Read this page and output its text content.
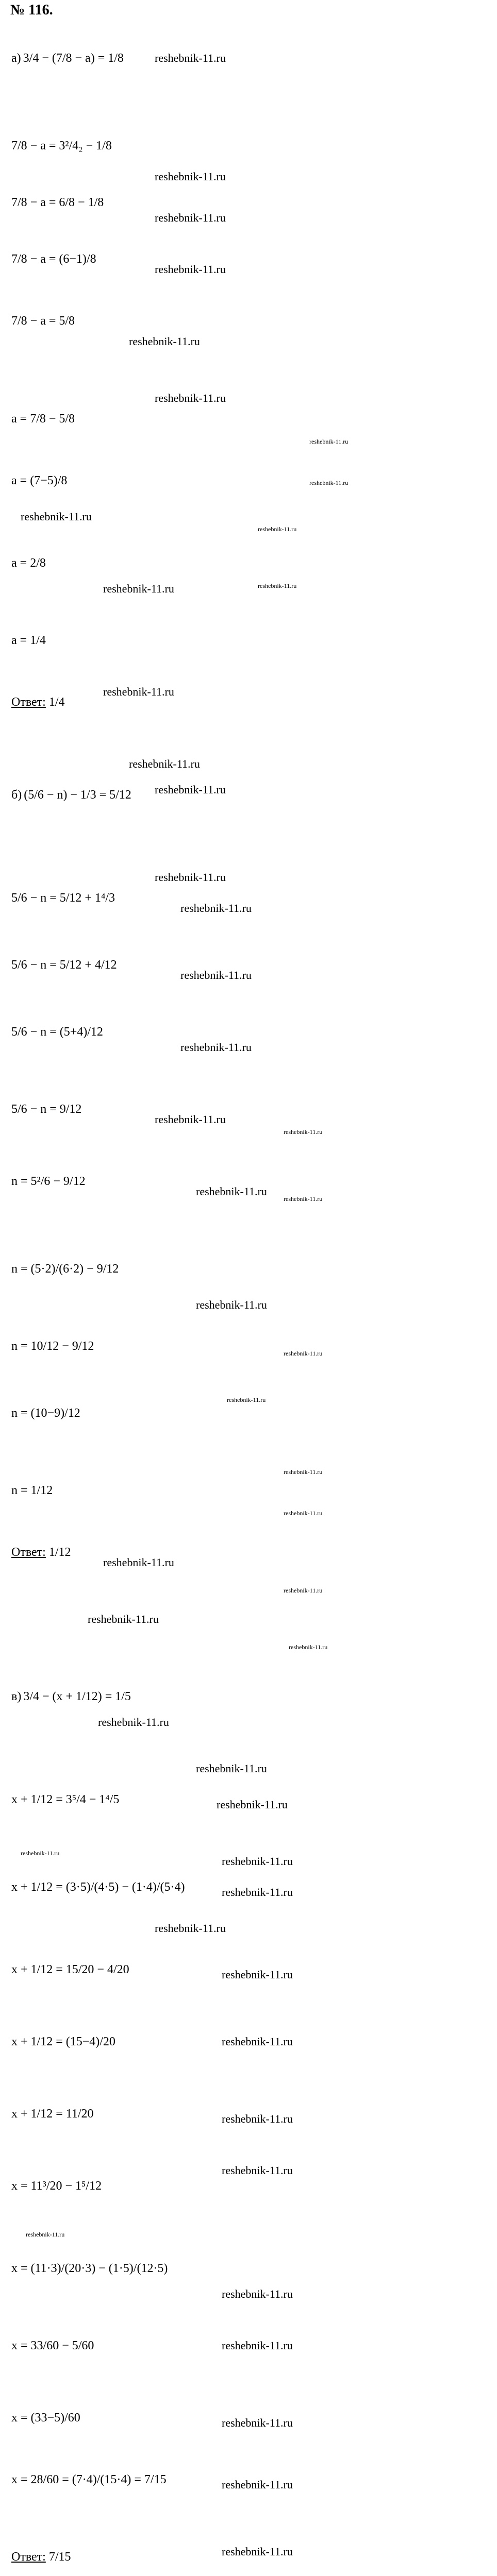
№ 116.
а) 3/4 − (7/8 − a) = 1/8
7/8 − a = 3²/4₂ − 1/8
7/8 − a = 6/8 − 1/8
7/8 − a = (6−1)/8
7/8 − a = 5/8
a = 7/8 − 5/8
a = (7−5)/8
a = 2/8
a = 1/4
Ответ: 1/4
б) (5/6 − n) − 1/3 = 5/12
5/6 − n = 5/12 + 1⁴/3
5/6 − n = 5/12 + 4/12
5/6 − n = (5+4)/12
5/6 − n = 9/12
n = 5²/6 − 9/12
n = (5·2)/(6·2) − 9/12
n = 10/12 − 9/12
n = (10−9)/12
n = 1/12
Ответ: 1/12
в) 3/4 − (x + 1/12) = 1/5
x + 1/12 = 3⁵/4 − 1⁴/5
x + 1/12 = (3·5)/(4·5) − (1·4)/(5·4)
x + 1/12 = 15/20 − 4/20
x + 1/12 = (15−4)/20
x + 1/12 = 11/20
x = 11³/20 − 1⁵/12
x = (11·3)/(20·3) − (1·5)/(12·5)
x = 33/60 − 5/60
x = (33−5)/60
x = 28/60 = (7·4)/(15·4) = 7/15
Ответ: 7/15
reshebnik-11.ru
reshebnik-11.ru
reshebnik-11.ru
reshebnik-11.ru
reshebnik-11.ru
reshebnik-11.ru
reshebnik-11.ru
reshebnik-11.ru
reshebnik-11.ru
reshebnik-11.ru
reshebnik-11.ru
reshebnik-11.ru
reshebnik-11.ru
reshebnik-11.ru
reshebnik-11.ru
reshebnik-11.ru
reshebnik-11.ru
reshebnik-11.ru
reshebnik-11.ru
reshebnik-11.ru
reshebnik-11.ru
reshebnik-11.ru
reshebnik-11.ru
reshebnik-11.ru
reshebnik-11.ru
reshebnik-11.ru
reshebnik-11.ru
reshebnik-11.ru
reshebnik-11.ru
reshebnik-11.ru
reshebnik-11.ru
reshebnik-11.ru
reshebnik-11.ru
reshebnik-11.ru
reshebnik-11.ru
reshebnik-11.ru
reshebnik-11.ru
reshebnik-11.ru
reshebnik-11.ru
reshebnik-11.ru
reshebnik-11.ru
reshebnik-11.ru
reshebnik-11.ru
reshebnik-11.ru
reshebnik-11.ru
reshebnik-11.ru
reshebnik-11.ru
reshebnik-11.ru
reshebnik-11.ru
